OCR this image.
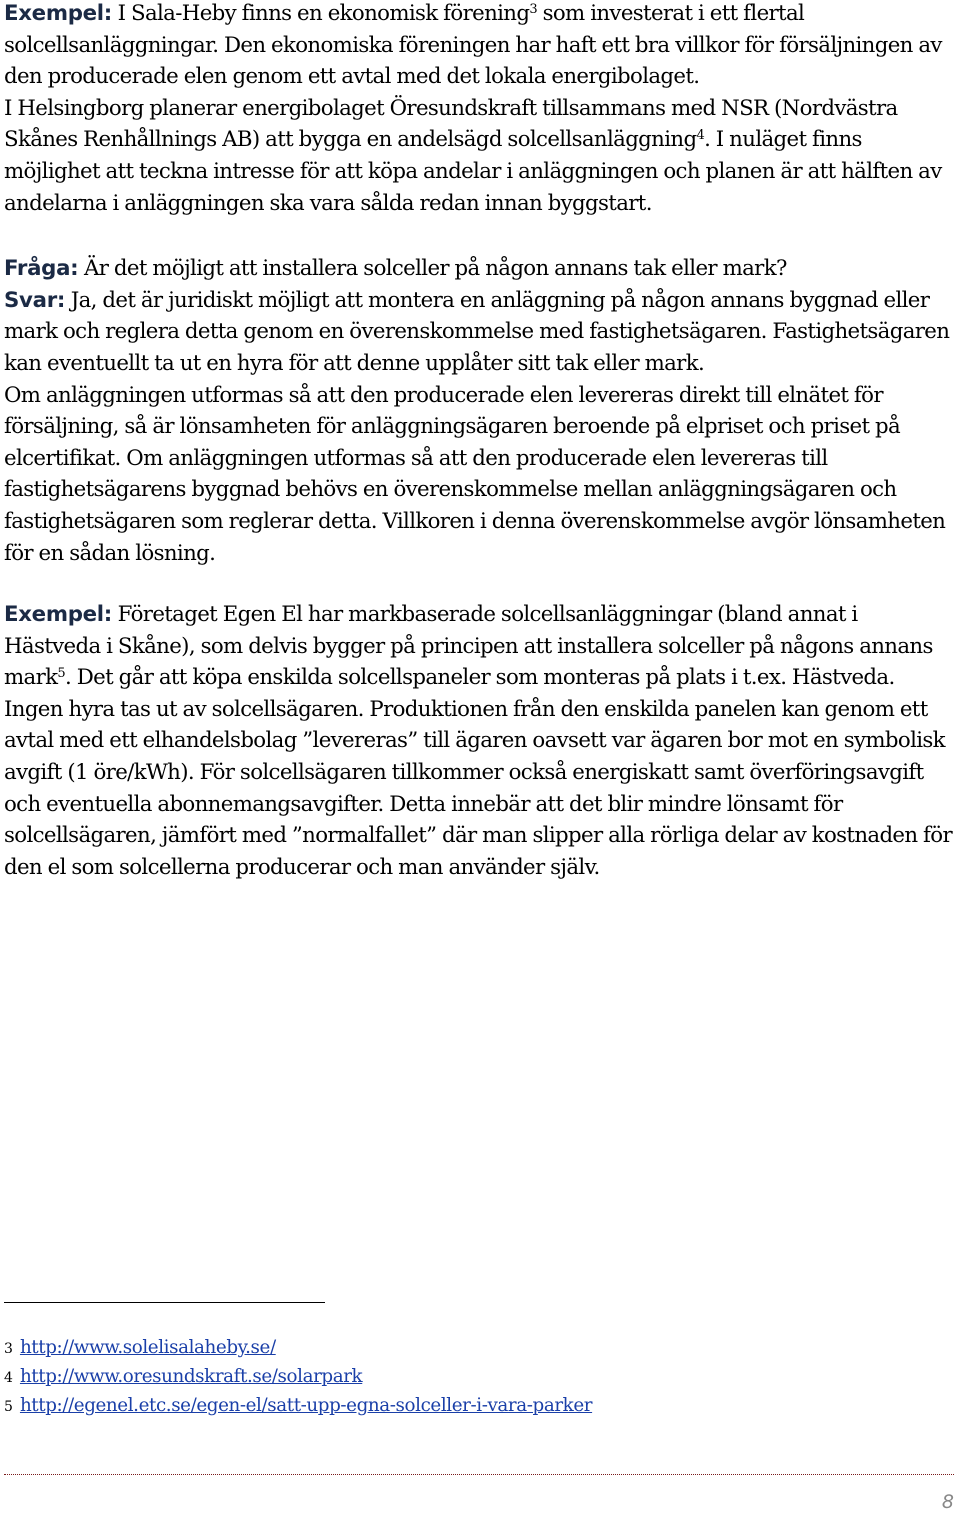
Exempel: I Sala-Heby finns en ekonomisk förening$^3$ som investerat i ett flertal solcellsanläggningar. Den ekonomiska föreningen har haft ett bra villkor för försäljningen av den producerade elen genom ett avtal med det lokala energibolaget.

I Helsingborg planerar energibolaget Öresundskraft tillsammans med NSR (Nordvästra Skånes Renhållnings AB) att bygga en andelsägd solcellsanläggning$^4$. I nuläget finns möjlighet att teckna intresse för att köpa andelar i anläggningen och planen är att hälften av andelarna i anläggningen ska vara sålda redan innan byggstart.

Fråga: Är det möjligt att installera solceller på någon annans tak eller mark?
Svar: Ja, det är juridiskt möjligt att montera en anläggning på någon annans byggnad eller mark och reglera detta genom en överenskommelse med fastighetsägaren. Fastighetsägaren kan eventuellt ta ut en hyra för att denne upplåter sitt tak eller mark.

Om anläggningen utformas så att den producerade elen levereras direkt till elnätet för försäljning, så är lönsamheten för anläggningsägaren beroende på elpriset och priset på elcertifikat. Om anläggningen utformas så att den producerade elen levereras till fastighetsägarens byggnad behövs en överenskommelse mellan anläggningsägaren och fastighetsägaren som reglerar detta. Villkoren i denna överenskommelse avgör lönsamheten för en sådan lösning.

Exempel: Företaget Egen El har markbaserade solcellsanläggningar (bland annat i Hästveda i Skåne), som delvis bygger på principen att installera solceller på någons annans mark$^5$. Det går att köpa enskilda solcellspaneler som monteras på plats i t.ex. Hästveda. Ingen hyra tas ut av solcellsägaren. Produktionen från den enskilda panelen kan genom ett avtal med ett elhandelsbolag ”levereras” till ägaren oavsett var ägaren bor mot en symbolisk avgift (1 öre/kWh). För solcellsägaren tillkommer också energiskatt samt överföringsavgift och eventuella abonnemangsavgifter. Detta innebär att det blir mindre lönsamt för solcellsägaren, jämfört med ”normalfallet” där man slipper alla rörliga delar av kostnaden för den el som solcellerna producerar och man använder själv.

3 http://www.solelisalaheby.se/
4 http://www.oresundskraft.se/solarpark
5 http://egenel.etc.se/egen-el/satt-upp-egna-solceller-i-vara-parker
8
